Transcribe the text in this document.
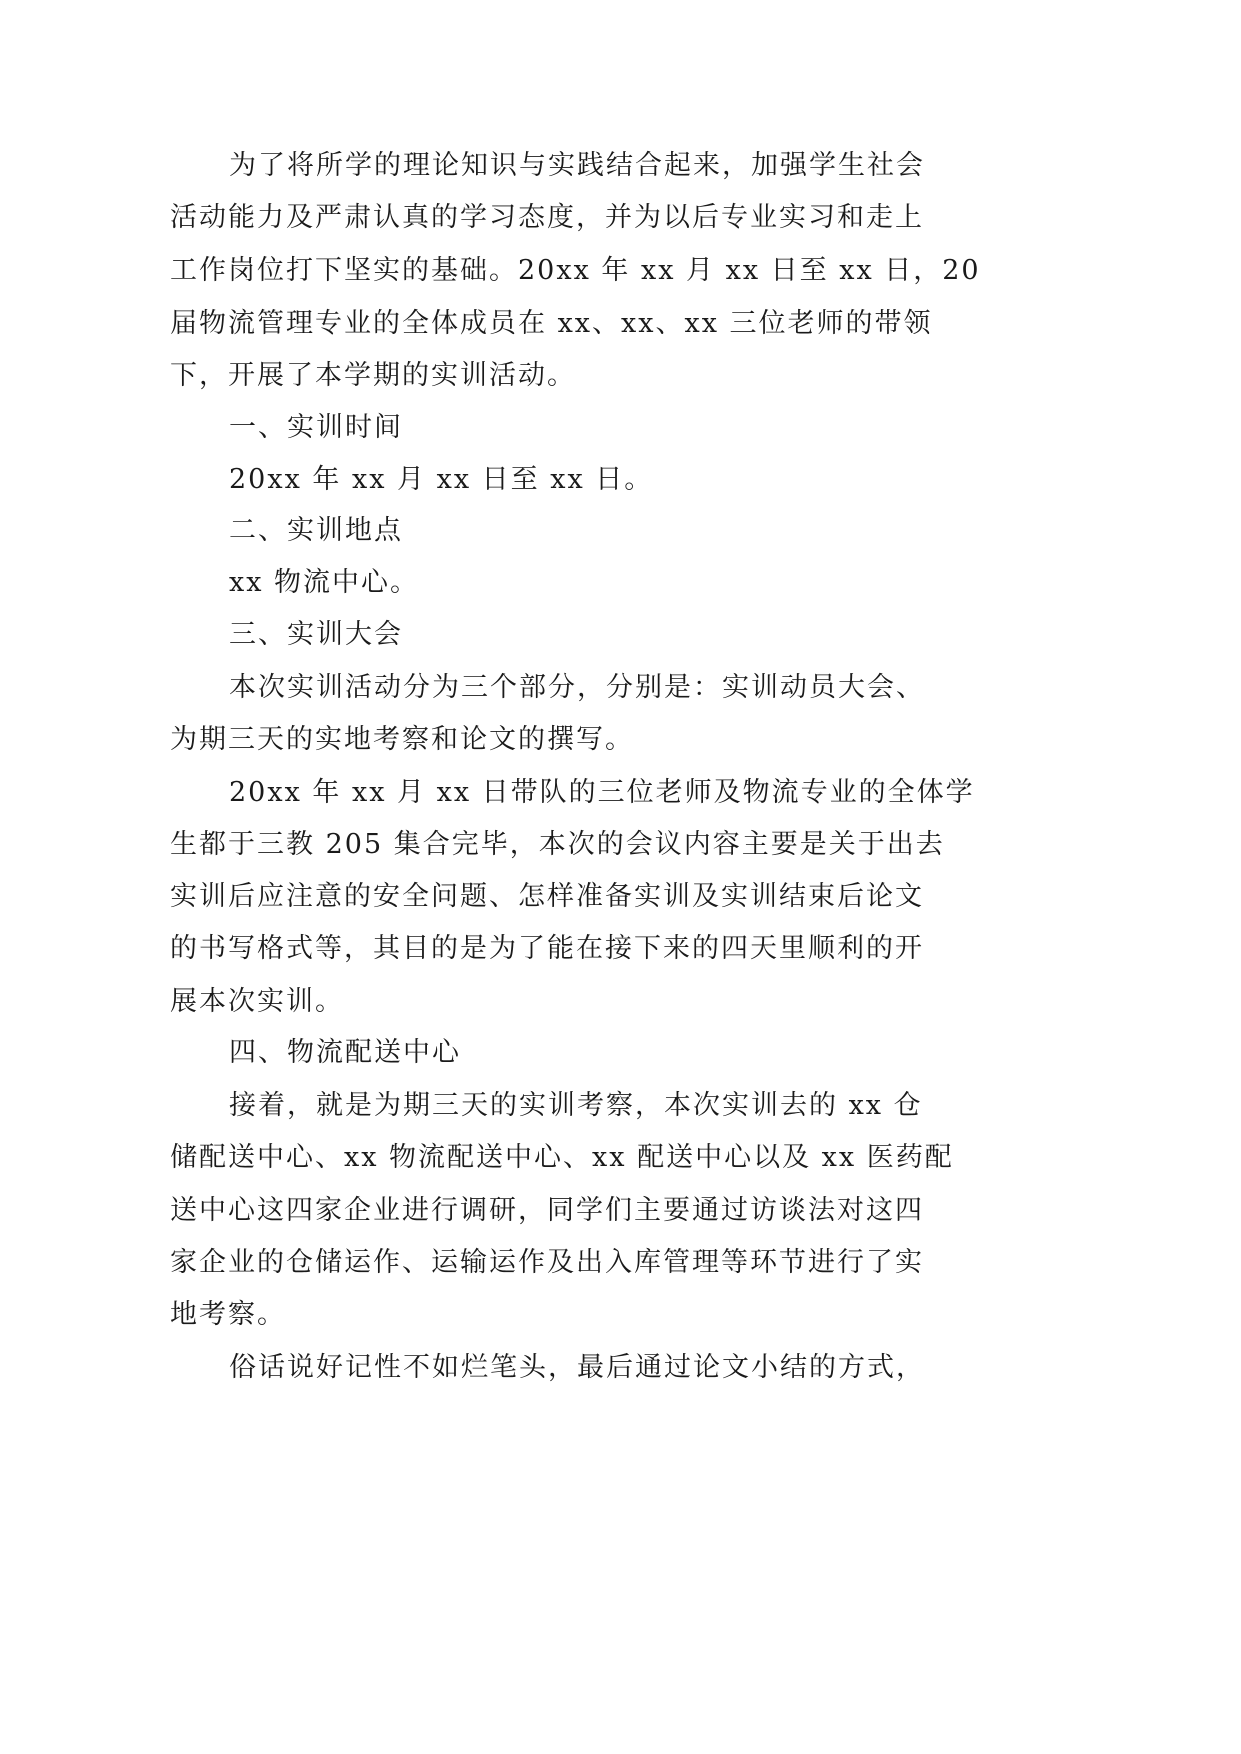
为了将所学的理论知识与实践结合起来，加强学生社会
活动能力及严肃认真的学习态度，并为以后专业实习和走上
工作岗位打下坚实的基础。20xx 年 xx 月 xx 日至 xx 日，20
届物流管理专业的全体成员在 xx、xx、xx 三位老师的带领
下，开展了本学期的实训活动。
一、实训时间
20xx 年 xx 月 xx 日至 xx 日。
二、实训地点
xx 物流中心。
三、实训大会
本次实训活动分为三个部分，分别是：实训动员大会、
为期三天的实地考察和论文的撰写。
20xx 年 xx 月 xx 日带队的三位老师及物流专业的全体学
生都于三教 205 集合完毕，本次的会议内容主要是关于出去
实训后应注意的安全问题、怎样准备实训及实训结束后论文
的书写格式等，其目的是为了能在接下来的四天里顺利的开
展本次实训。
四、物流配送中心
接着，就是为期三天的实训考察，本次实训去的 xx 仓
储配送中心、xx 物流配送中心、xx 配送中心以及 xx 医药配
送中心这四家企业进行调研，同学们主要通过访谈法对这四
家企业的仓储运作、运输运作及出入库管理等环节进行了实
地考察。
俗话说好记性不如烂笔头，最后通过论文小结的方式，
